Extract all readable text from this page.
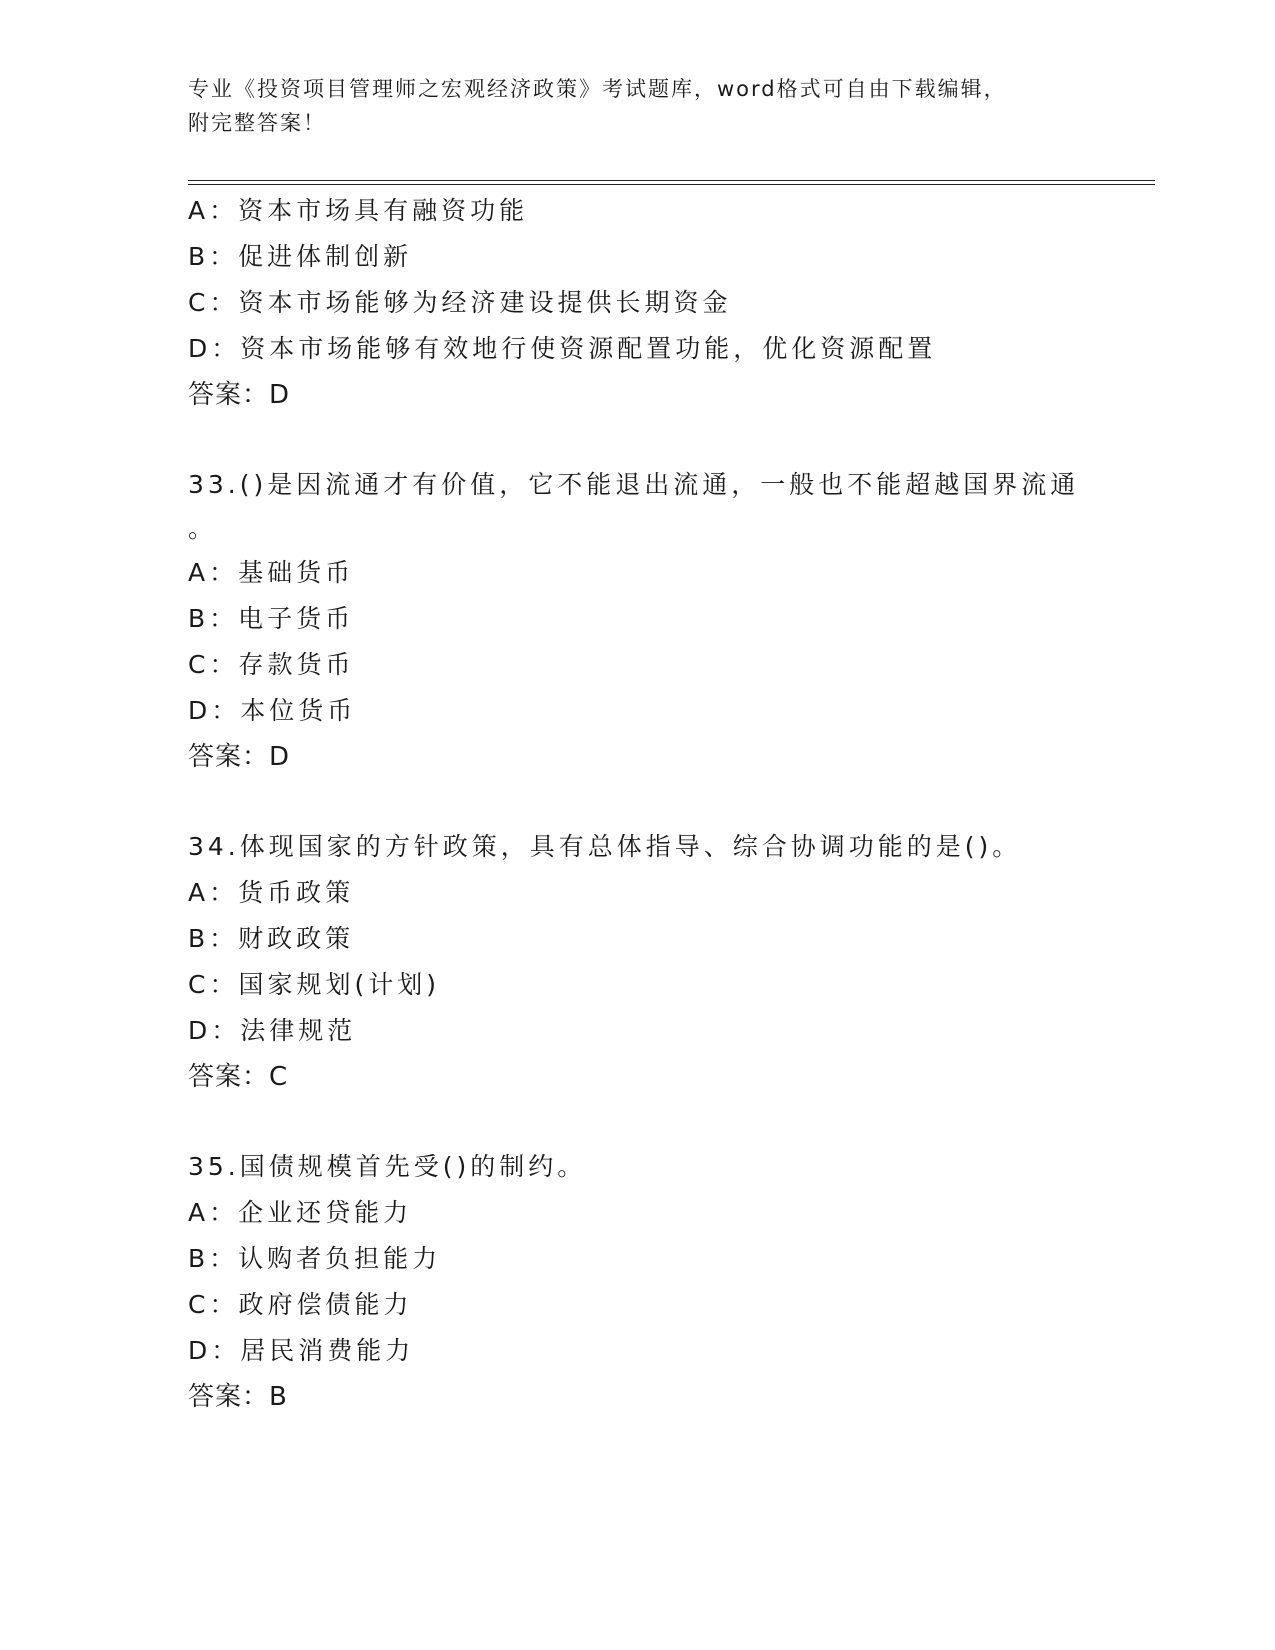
专业《投资项目管理师之宏观经济政策》考试题库，word格式可自由下载编辑，
附完整答案！
A：资本市场具有融资功能
B：促进体制创新
C：资本市场能够为经济建设提供长期资金
D：资本市场能够有效地行使资源配置功能，优化资源配置
答案：D
33.()是因流通才有价值，它不能退出流通，一般也不能超越国界流通
。
A：基础货币
B：电子货币
C：存款货币
D：本位货币
答案：D
34.体现国家的方针政策，具有总体指导、综合协调功能的是()。
A：货币政策
B：财政政策
C：国家规划(计划)
D：法律规范
答案：C
35.国债规模首先受()的制约。
A：企业还贷能力
B：认购者负担能力
C：政府偿债能力
D：居民消费能力
答案：B
